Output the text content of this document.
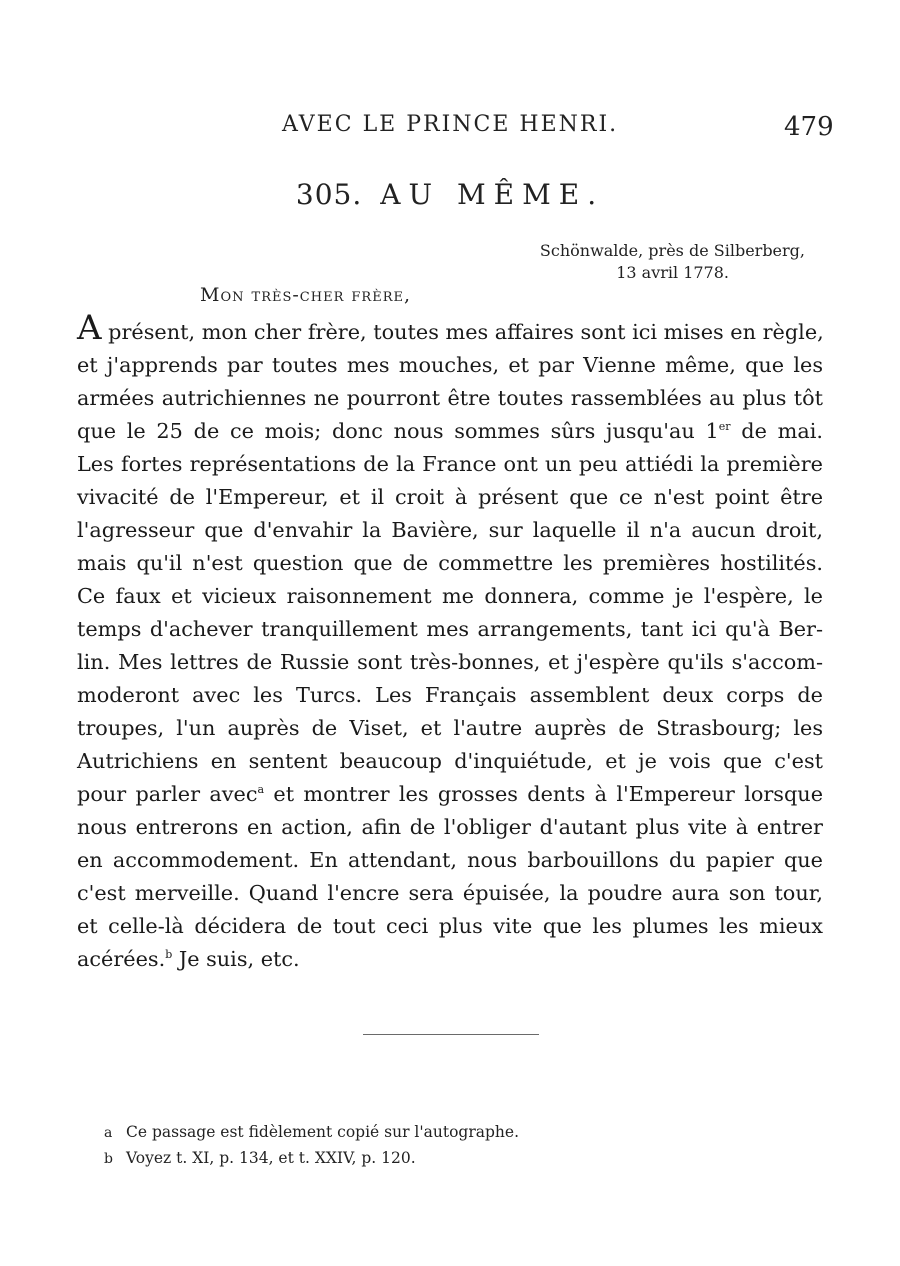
AVEC LE PRINCE HENRI.	479
305. AU MÊME.
Schönwalde, près de Silberberg,
13 avril 1778.
Mon très-cher frère,
A présent, mon cher frère, toutes mes affaires sont ici mises en règle,
et j'apprends par toutes mes mouches, et par Vienne même, que les
armées autrichiennes ne pourront être toutes rassemblées au plus tôt
que le 25 de ce mois; donc nous sommes sûrs jusqu'au 1er de mai.
Les fortes représentations de la France ont un peu attiédi la première
vivacité de l'Empereur, et il croit à présent que ce n'est point être
l'agresseur que d'envahir la Bavière, sur laquelle il n'a aucun droit,
mais qu'il n'est question que de commettre les premières hostilités.
Ce faux et vicieux raisonnement me donnera, comme je l'espère, le
temps d'achever tranquillement mes arrangements, tant ici qu'à Ber-
lin. Mes lettres de Russie sont très-bonnes, et j'espère qu'ils s'accom-
moderont avec les Turcs. Les Français assemblent deux corps de
troupes, l'un auprès de Viset, et l'autre auprès de Strasbourg; les
Autrichiens en sentent beaucoup d'inquiétude, et je vois que c'est
pour parler avec$^a$ et montrer les grosses dents à l'Empereur lorsque
nous entrerons en action, afin de l'obliger d'autant plus vite à entrer
en accommodement. En attendant, nous barbouillons du papier que
c'est merveille. Quand l'encre sera épuisée, la poudre aura son tour,
et celle-là décidera de tout ceci plus vite que les plumes les mieux
acérées.$^b$ Je suis, etc.
a Ce passage est fidèlement copié sur l'autographe.
b Voyez t. XI, p. 134, et t. XXIV, p. 120.
